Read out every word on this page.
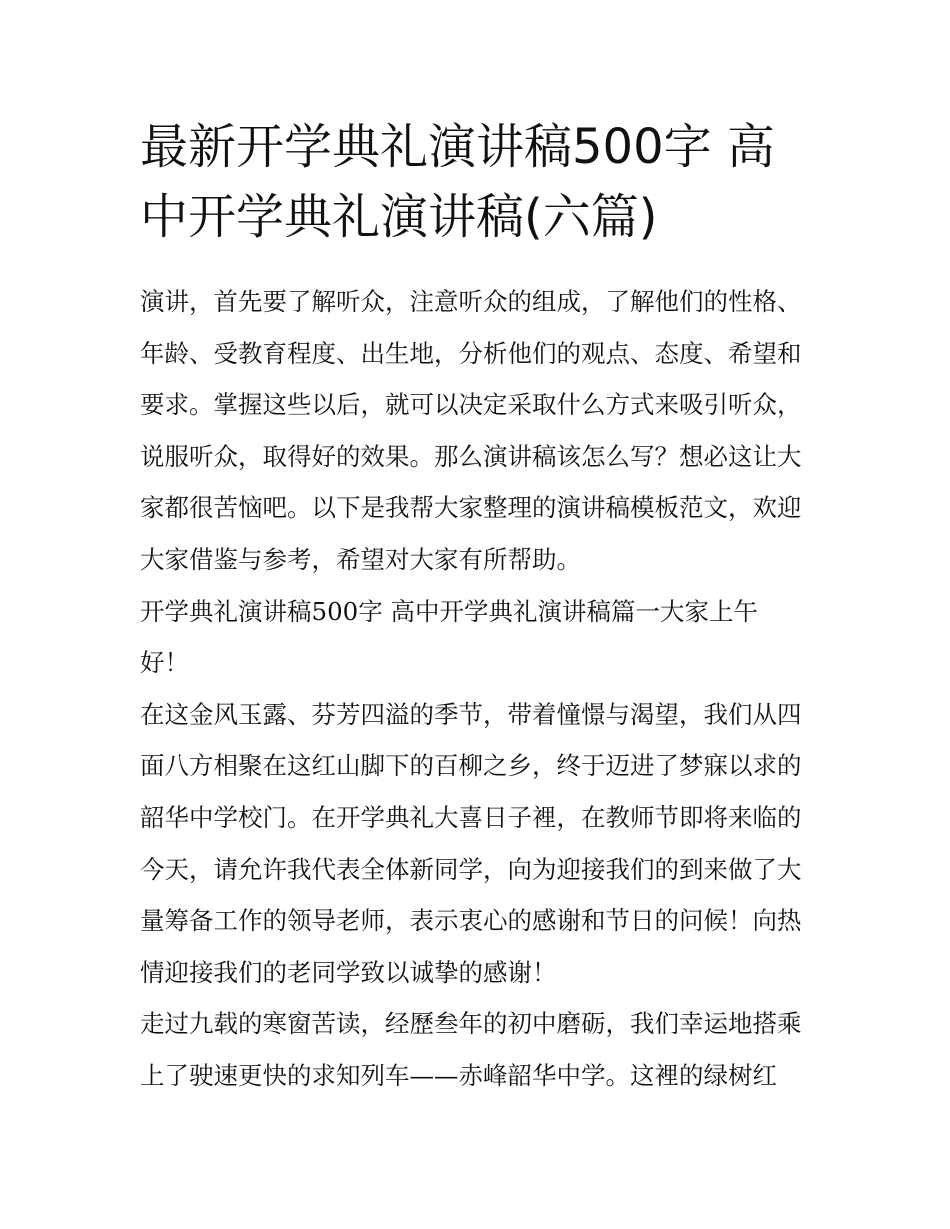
最新开学典礼演讲稿500字 高
中开学典礼演讲稿(六篇)
演讲，首先要了解听众，注意听众的组成，了解他们的性格、
年龄、受教育程度、出生地，分析他们的观点、态度、希望和
要求。掌握这些以后，就可以决定采取什么方式来吸引听众，
说服听众，取得好的效果。那么演讲稿该怎么写？想必这让大
家都很苦恼吧。以下是我帮大家整理的演讲稿模板范文，欢迎
大家借鉴与参考，希望对大家有所帮助。
开学典礼演讲稿500字 高中开学典礼演讲稿篇一大家上午
好！
在这金风玉露、芬芳四溢的季节，带着憧憬与渴望，我们从四
面八方相聚在这红山脚下的百柳之乡，终于迈进了梦寐以求的
韶华中学校门。在开学典礼大喜日子裡，在教师节即将来临的
今天，请允许我代表全体新同学，向为迎接我们的到来做了大
量筹备工作的领导老师，表示衷心的感谢和节日的问候！向热
情迎接我们的老同学致以诚挚的感谢！
走过九载的寒窗苦读，经歷叁年的初中磨砺，我们幸运地搭乘
上了驶速更快的求知列车——赤峰韶华中学。这裡的绿树红
